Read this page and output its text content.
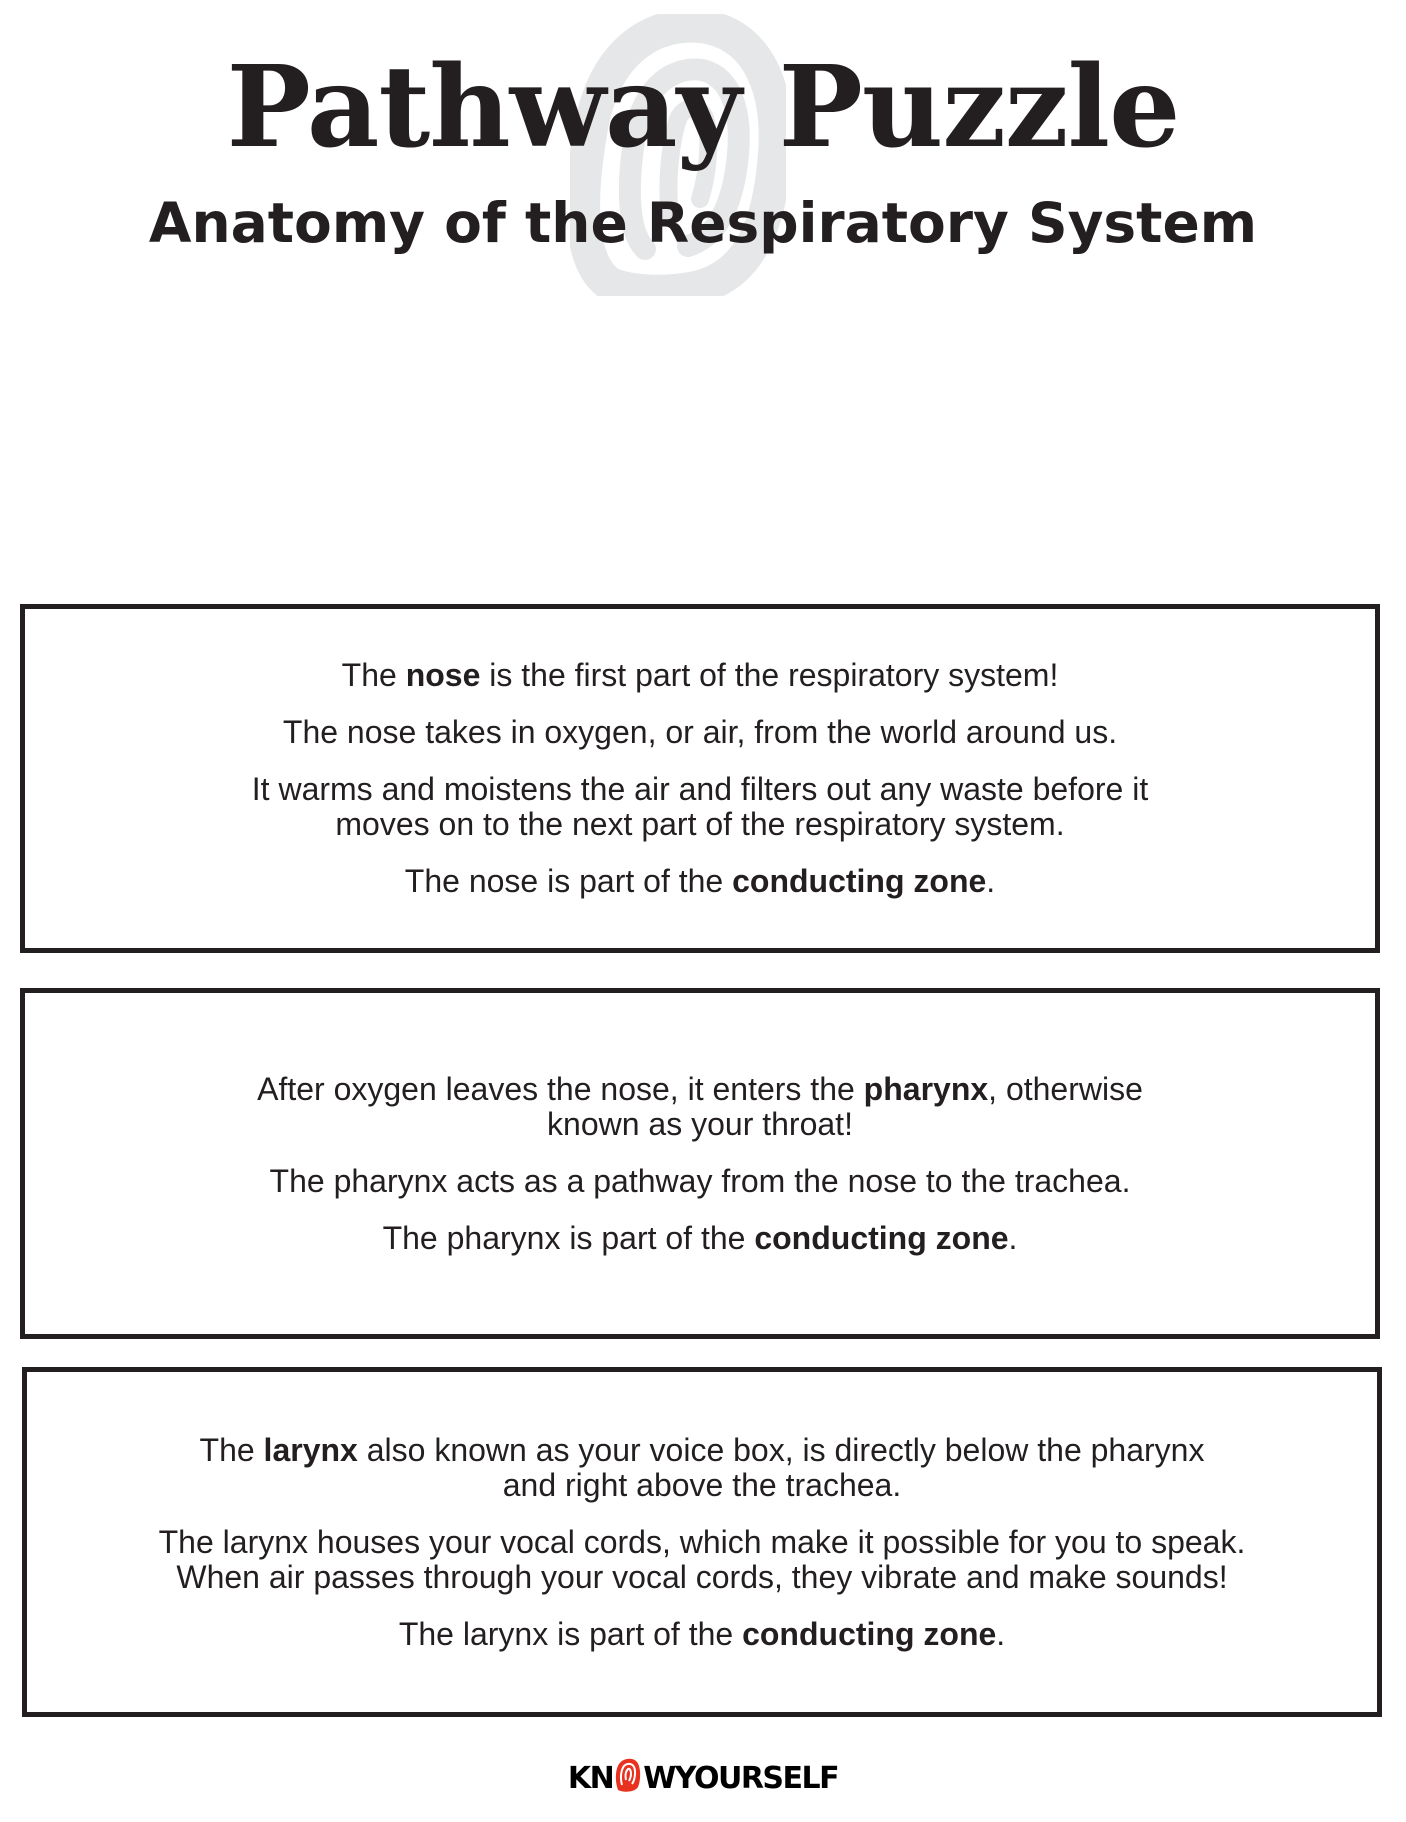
Pathway Puzzle
Anatomy of the Respiratory System

The nose is the first part of the respiratory system!

The nose takes in oxygen, or air, from the world around us.

It warms and moistens the air and filters out any waste before it
moves on to the next part of the respiratory system.

The nose is part of the conducting zone.

After oxygen leaves the nose, it enters the pharynx, otherwise
known as your throat!

The pharynx acts as a pathway from the nose to the trachea.

The pharynx is part of the conducting zone.

The larynx also known as your voice box, is directly below the pharynx
and right above the trachea.

The larynx houses your vocal cords, which make it possible for you to speak.
When air passes through your vocal cords, they vibrate and make sounds!

The larynx is part of the conducting zone.

KN WYOURSELF
